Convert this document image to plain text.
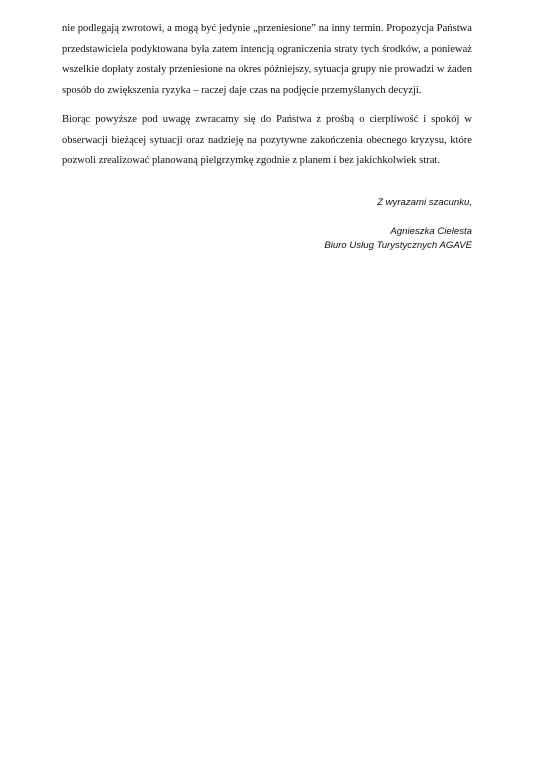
nie podlegają zwrotowi, a mogą być jedynie „przeniesione” na inny termin. Propozycja Państwa przedstawiciela podyktowana była zatem intencją ograniczenia straty tych środków, a ponieważ wszelkie dopłaty zostały przeniesione na okres późniejszy, sytuacja grupy nie prowadzi w żaden sposób do zwiększenia ryzyka – raczej daje czas na podjęcie przemyślanych decyzji.

Biorąc powyższe pod uwagę zwracamy się do Państwa z prośbą o cierpliwość i spokój w obserwacji bieżącej sytuacji oraz nadzieję na pozytywne zakończenia obecnego kryzysu, które pozwoli zrealizować planowaną pielgrzymkę zgodnie z planem i bez jakichkolwiek strat.

Z wyrazami szacunku,
Agnieszka Cielesta
Biuro Usług Turystycznych AGAVE
